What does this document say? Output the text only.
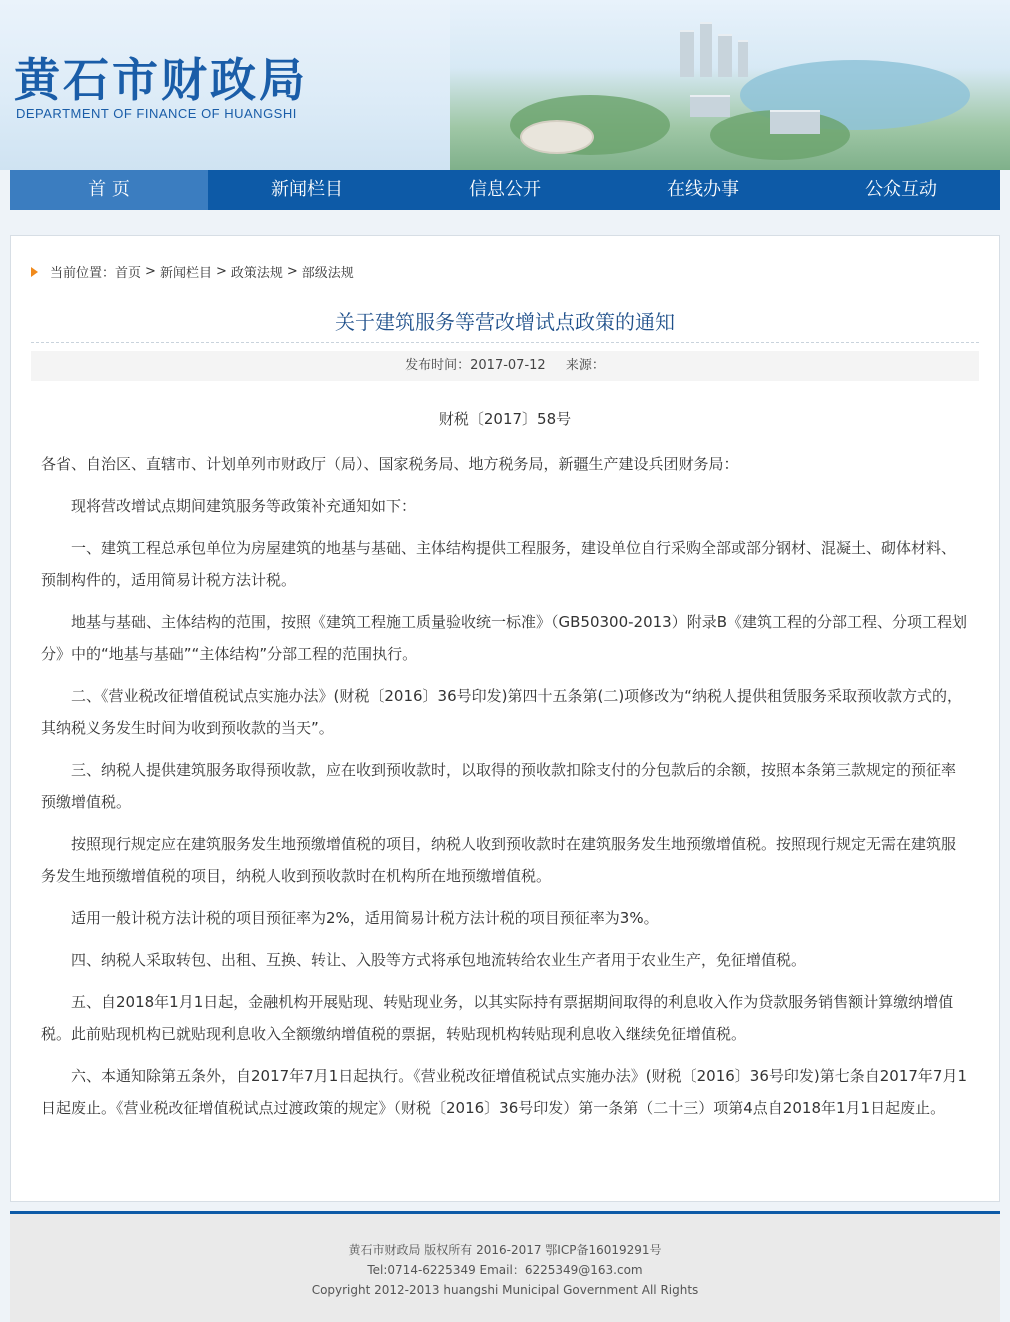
黄石市财政局
DEPARTMENT OF FINANCE OF HUANGSHI
首 页	新闻栏目	信息公开	在线办事	公众互动
当前位置： 首页 > 新闻栏目 > 政策法规 > 部级法规
关于建筑服务等营改增试点政策的通知
发布时间：2017-07-12 来源：
财税〔2017〕58号

各省、自治区、直辖市、计划单列市财政厅（局）、国家税务局、地方税务局，新疆生产建设兵团财务局：

现将营改增试点期间建筑服务等政策补充通知如下：

一、建筑工程总承包单位为房屋建筑的地基与基础、主体结构提供工程服务，建设单位自行采购全部或部分钢材、混凝土、砌体材料、预制构件的，适用简易计税方法计税。

地基与基础、主体结构的范围，按照《建筑工程施工质量验收统一标准》（GB50300-2013）附录B《建筑工程的分部工程、分项工程划分》中的“地基与基础”“主体结构”分部工程的范围执行。

二、《营业税改征增值税试点实施办法》(财税〔2016〕36号印发)第四十五条第(二)项修改为“纳税人提供租赁服务采取预收款方式的，其纳税义务发生时间为收到预收款的当天”。

三、纳税人提供建筑服务取得预收款，应在收到预收款时，以取得的预收款扣除支付的分包款后的余额，按照本条第三款规定的预征率预缴增值税。

按照现行规定应在建筑服务发生地预缴增值税的项目，纳税人收到预收款时在建筑服务发生地预缴增值税。按照现行规定无需在建筑服务发生地预缴增值税的项目，纳税人收到预收款时在机构所在地预缴增值税。

适用一般计税方法计税的项目预征率为2%，适用简易计税方法计税的项目预征率为3%。

四、纳税人采取转包、出租、互换、转让、入股等方式将承包地流转给农业生产者用于农业生产，免征增值税。

五、自2018年1月1日起，金融机构开展贴现、转贴现业务，以其实际持有票据期间取得的利息收入作为贷款服务销售额计算缴纳增值税。此前贴现机构已就贴现利息收入全额缴纳增值税的票据，转贴现机构转贴现利息收入继续免征增值税。

六、本通知除第五条外，自2017年7月1日起执行。《营业税改征增值税试点实施办法》(财税〔2016〕36号印发)第七条自2017年7月1日起废止。《营业税改征增值税试点过渡政策的规定》（财税〔2016〕36号印发）第一条第（二十三）项第4点自2018年1月1日起废止。

黄石市财政局 版权所有 2016-2017 鄂ICP备16019291号
Tel:0714-6225349 Email：6225349@163.com
Copyright 2012-2013 huangshi Municipal Government All Rights
